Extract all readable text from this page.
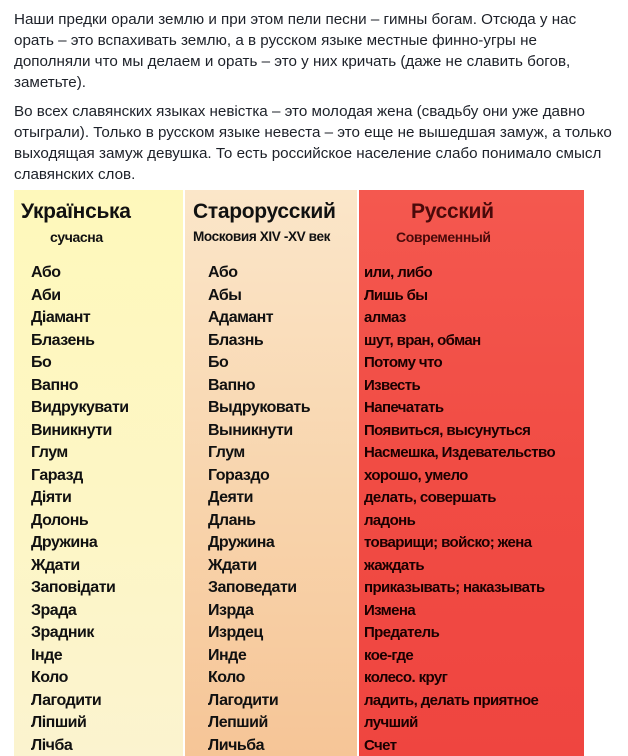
Наши предки орали землю и при этом пели песни – гимны богам. Отсюда у нас орать – это вспахивать землю, а в русском языке местные финно-угры не дополняли что мы делаем и орать – это у них кричать (даже не славить богов, заметьте).

Во всех славянских языках невістка – это молодая жена (свадьбу они уже давно отыграли). Только в русском языке невеста – это еще не вышедшая замуж, а только выходящая замуж девушка. То есть российское население слабо понимало смысл славянских слов.

Українська
сучасна
Або
Аби
Діамант
Блазень
Бо
Вапно
Видрукувати
Виникнути
Глум
Гаразд
Діяти
Долонь
Дружина
Ждати
Заповідати
Зрада
Зрадник
Інде
Коло
Лагодити
Ліпший
Лічба
Старорусский
Московия XIV -XV век
Або
Абы
Адамант
Блазнь
Бо
Вапно
Выдруковать
Выникнути
Глум
Гораздо
Деяти
Длань
Дружина
Ждати
Заповедати
Изрда
Изрдец
Инде
Коло
Лагодити
Лепший
Личьба
Русский
Современный
или, либо
Лишь бы
алмаз
шут, вран, обман
Потому что
Известь
Напечатать
Появиться, высунуться
Насмешка, Издевательство
хорошо, умело
делать, совершать
ладонь
товарищи; войско; жена
жаждать
приказывать; наказывать
Измена
Предатель
кое-где
колесо. круг
ладить, делать приятное
лучший
Счет
